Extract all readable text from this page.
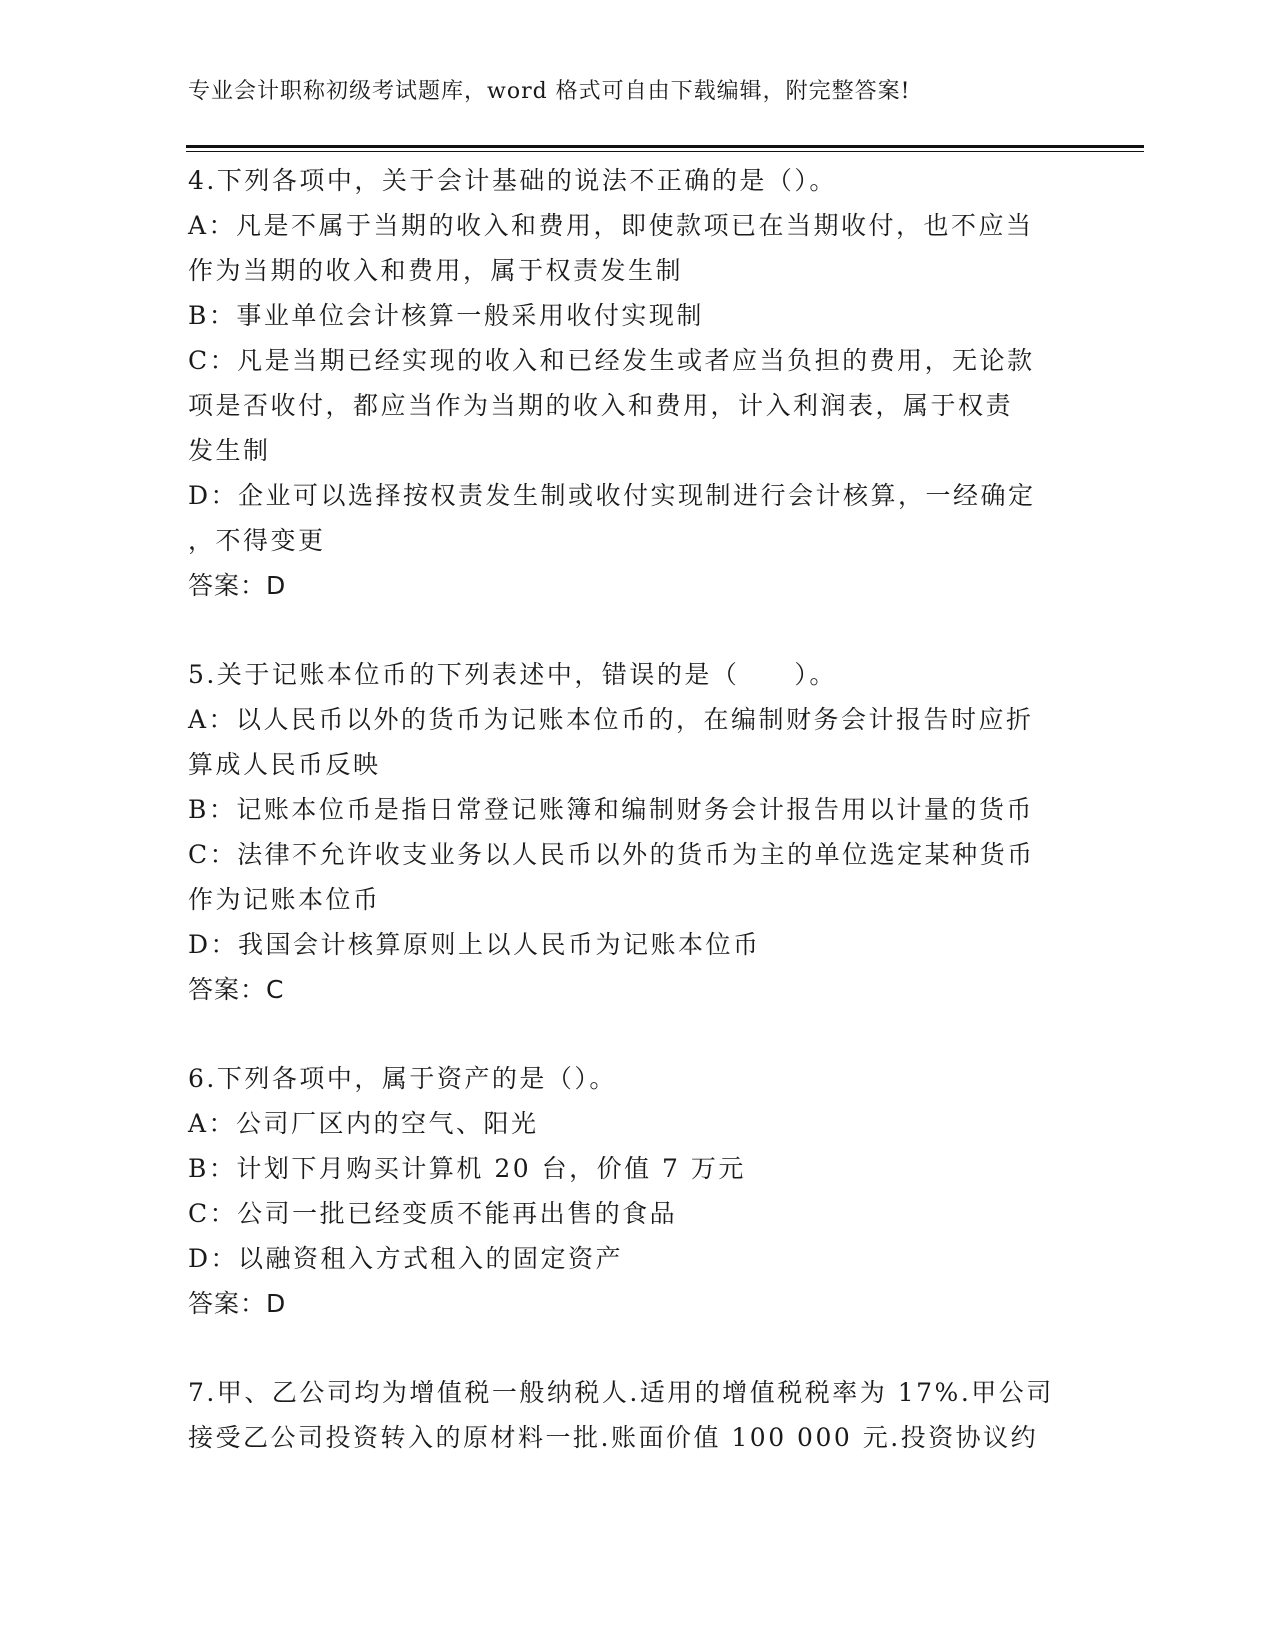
专业会计职称初级考试题库，word 格式可自由下载编辑，附完整答案!
4.下列各项中，关于会计基础的说法不正确的是（）。
A：凡是不属于当期的收入和费用，即使款项已在当期收付，也不应当
作为当期的收入和费用，属于权责发生制
B：事业单位会计核算一般采用收付实现制
C：凡是当期已经实现的收入和已经发生或者应当负担的费用，无论款
项是否收付，都应当作为当期的收入和费用，计入利润表，属于权责
发生制
D：企业可以选择按权责发生制或收付实现制进行会计核算，一经确定
，不得变更
答案：D
5.关于记账本位币的下列表述中，错误的是（　　）。
A：以人民币以外的货币为记账本位币的，在编制财务会计报告时应折
算成人民币反映
B：记账本位币是指日常登记账簿和编制财务会计报告用以计量的货币
C：法律不允许收支业务以人民币以外的货币为主的单位选定某种货币
作为记账本位币
D：我国会计核算原则上以人民币为记账本位币
答案：C
6.下列各项中，属于资产的是（）。
A：公司厂区内的空气、阳光
B：计划下月购买计算机 20 台，价值 7 万元
C：公司一批已经变质不能再出售的食品
D：以融资租入方式租入的固定资产
答案：D
7.甲、乙公司均为增值税一般纳税人.适用的增值税税率为 17%.甲公司
接受乙公司投资转入的原材料一批.账面价值 100 000 元.投资协议约
